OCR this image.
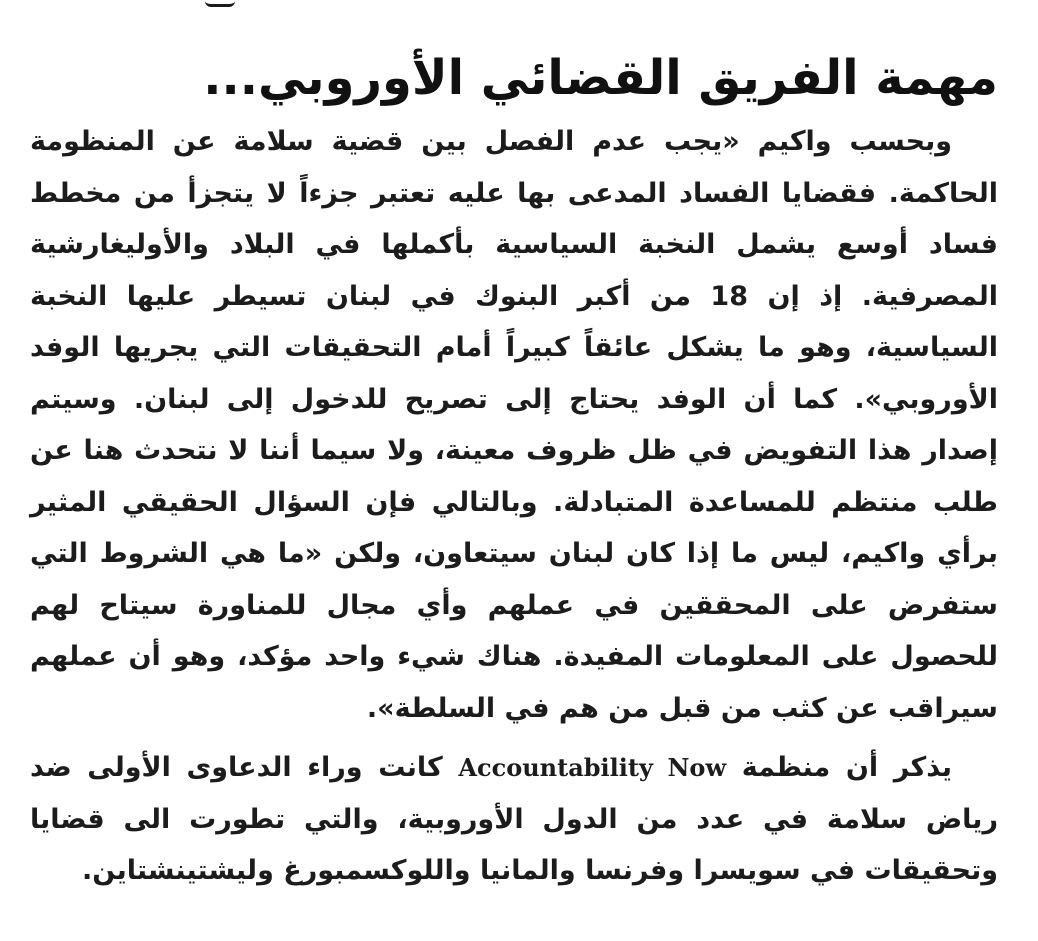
مهمة الفريق القضائي الأوروبي...

وبحسب واكيم «يجب عدم الفصل بين قضية سلامة عن المنظومة الحاكمة. فقضايا الفساد المدعى بها عليه تعتبر جزءاً لا يتجزأ من مخطط فساد أوسع يشمل النخبة السياسية بأكملها في البلاد والأوليغارشية المصرفية. إذ إن 18 من أكبر البنوك في لبنان تسيطر عليها النخبة السياسية، وهو ما يشكل عائقاً كبيراً أمام التحقيقات التي يجريها الوفد الأوروبي». كما أن الوفد يحتاج إلى تصريح للدخول إلى لبنان. وسيتم إصدار هذا التفويض في ظل ظروف معينة، ولا سيما أننا لا نتحدث هنا عن طلب منتظم للمساعدة المتبادلة. وبالتالي فإن السؤال الحقيقي المثير برأي واكيم، ليس ما إذا كان لبنان سيتعاون، ولكن «ما هي الشروط التي ستفرض على المحققين في عملهم وأي مجال للمناورة سيتاح لهم للحصول على المعلومات المفيدة. هناك شيء واحد مؤكد، وهو أن عملهم سيراقب عن كثب من قبل من هم في السلطة».

يذكر أن منظمة Accountability Now كانت وراء الدعاوى الأولى ضد رياض سلامة في عدد من الدول الأوروبية، والتي تطورت الى قضايا وتحقيقات في سويسرا وفرنسا والمانيا واللوكسمبورغ وليشتينشتاين.
